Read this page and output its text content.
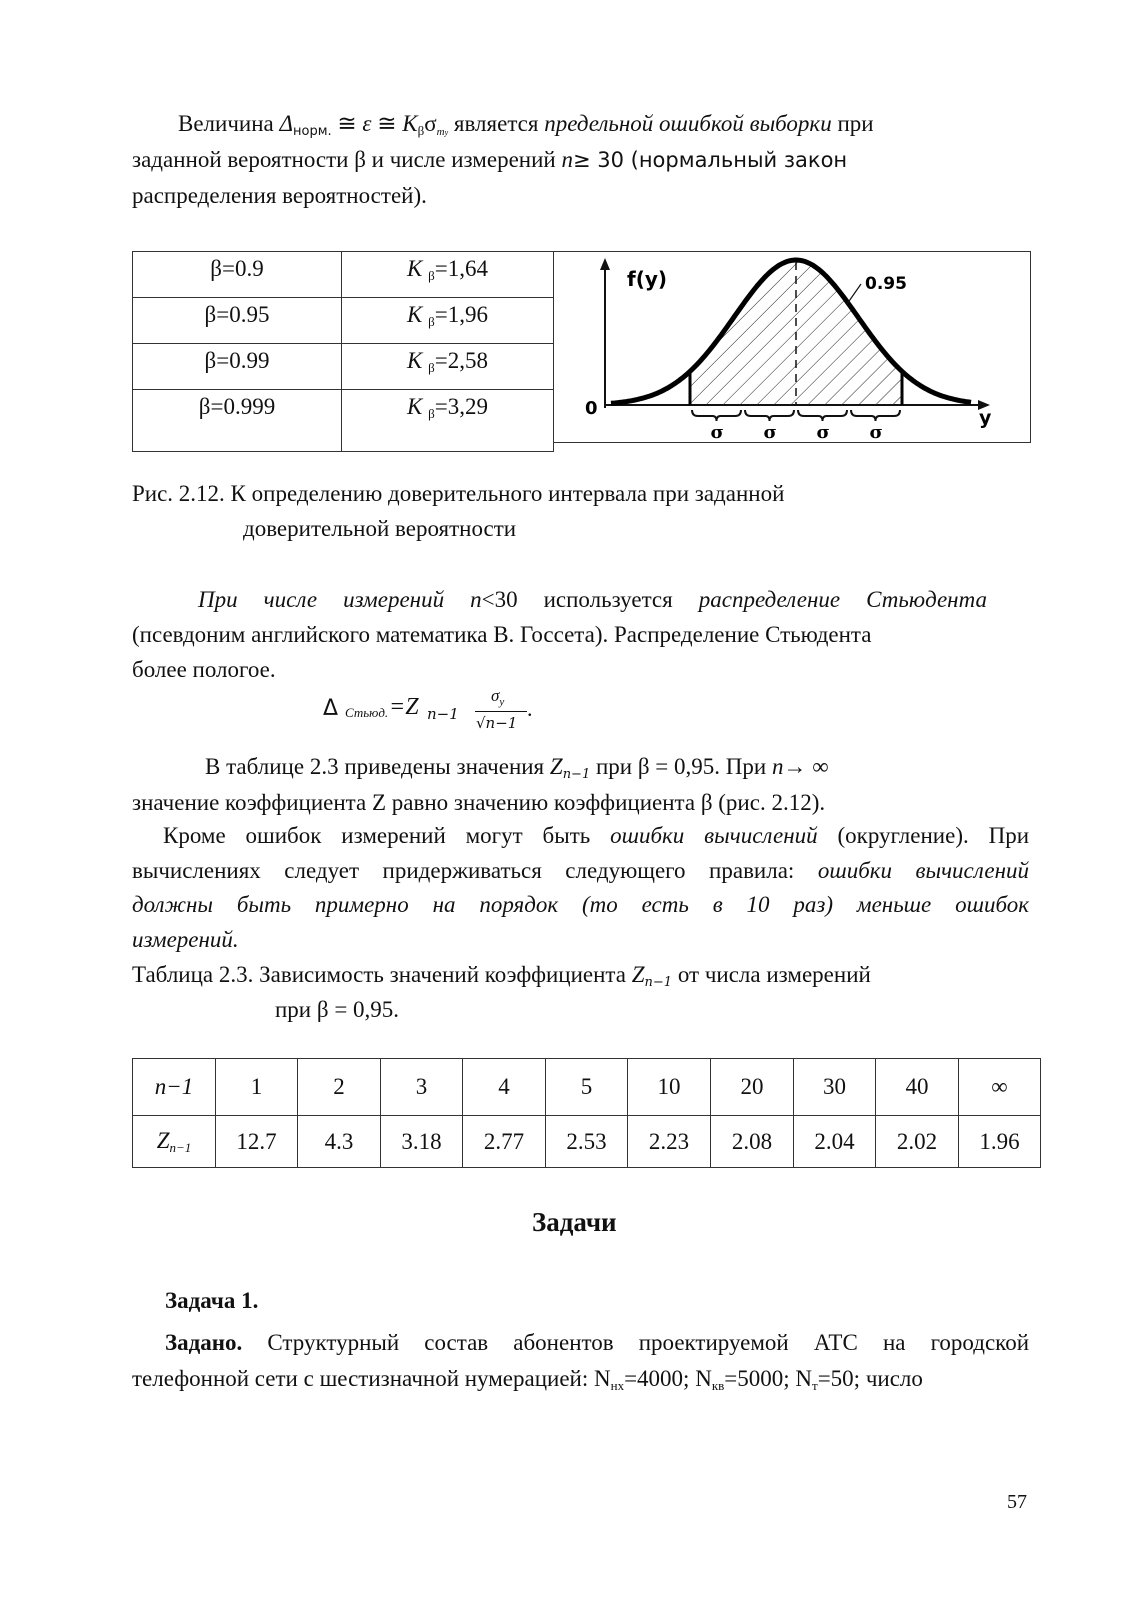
Величина $\Delta_{норм.}$ ≅ ε ≅ $K_\beta\sigma_{my}$ является предельной ошибкой выборки при
заданной вероятности β и числе измерений n≥ 30 (нормальный закон
распределения вероятностей).
β=0.9	K $_\beta$=1,64
β=0.95	K $_\beta$=1,96
β=0.99	K $_\beta$=2,58
β=0.999	K $_\beta$=3,29
f(y)	0.95
0	y
σ σ σ σ
Рис. 2.12. К определению доверительного интервала при заданной
доверительной вероятности
При числе измерений n<30 используется распределение Стьюдента
(псевдоним английского математика В. Госсета). Распределение Стьюдента
более пологое.
Δ Стьюд. =Z n−1
$\sigma_y$
√n−1
.
В таблице 2.3 приведены значения $Z_{n-1}$ при β = 0,95. При n→ ∞
значение коэффициента Z равно значению коэффициента β (рис. 2.12).
Кроме ошибок измерений могут быть ошибки вычислений (округление). При
вычислениях следует придерживаться следующего правила: ошибки вычислений
должны быть примерно на порядок (то есть в 10 раз) меньше ошибок
измерений.
Таблица 2.3. Зависимость значений коэффициента $Z_{n-1}$ от числа измерений
при β = 0,95.
n−1	1	2	3	4	5	10	20	30	40	∞
$Z_{n-1}$	12.7	4.3	3.18	2.77	2.53	2.23	2.08	2.04	2.02	1.96
Задачи
Задача 1.
Задано. Структурный состав абонентов проектируемой АТС на городской
телефонной сети с шестизначной нумерацией: $N_{нх}=4000$; $N_{кв}=5000$; $N_т=50$; число
57
